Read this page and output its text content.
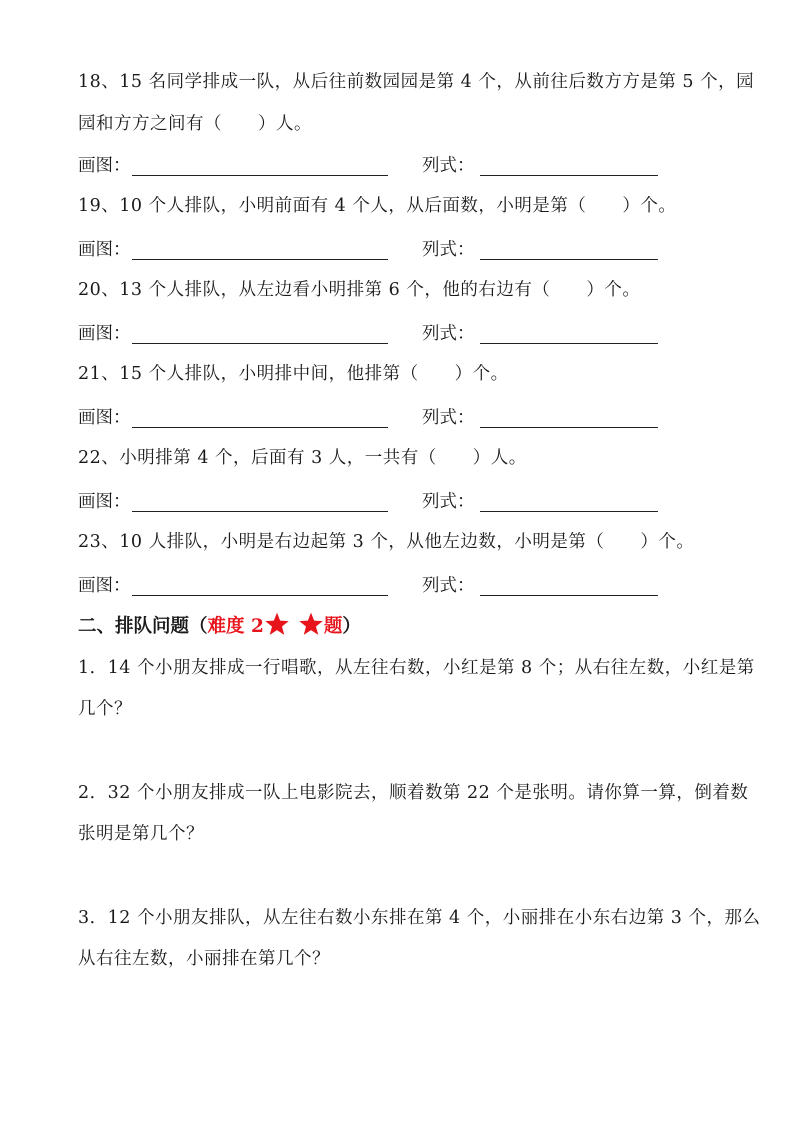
18、15 名同学排成一队，从后往前数园园是第 4 个，从前往后数方方是第 5 个，园
园和方方之间有（　　）人。
画图：	列式：
19、10 个人排队，小明前面有 4 个人，从后面数，小明是第（　　）个。
画图：	列式：
20、13 个人排队，从左边看小明排第 6 个，他的右边有（　　）个。
画图：	列式：
21、15 个人排队，小明排中间，他排第（　　）个。
画图：	列式：
22、小明排第 4 个，后面有 3 人，一共有（　　）人。
画图：	列式：
23、10 人排队，小明是右边起第 3 个，从他左边数，小明是第（　　）个。
画图：	列式：
二、排队问题（难度 2	题）
1．14 个小朋友排成一行唱歌，从左往右数，小红是第 8 个；从右往左数，小红是第
几个？
2．32 个小朋友排成一队上电影院去，顺着数第 22 个是张明。请你算一算，倒着数
张明是第几个？
3．12 个小朋友排队，从左往右数小东排在第 4 个，小丽排在小东右边第 3 个，那么
从右往左数，小丽排在第几个？
